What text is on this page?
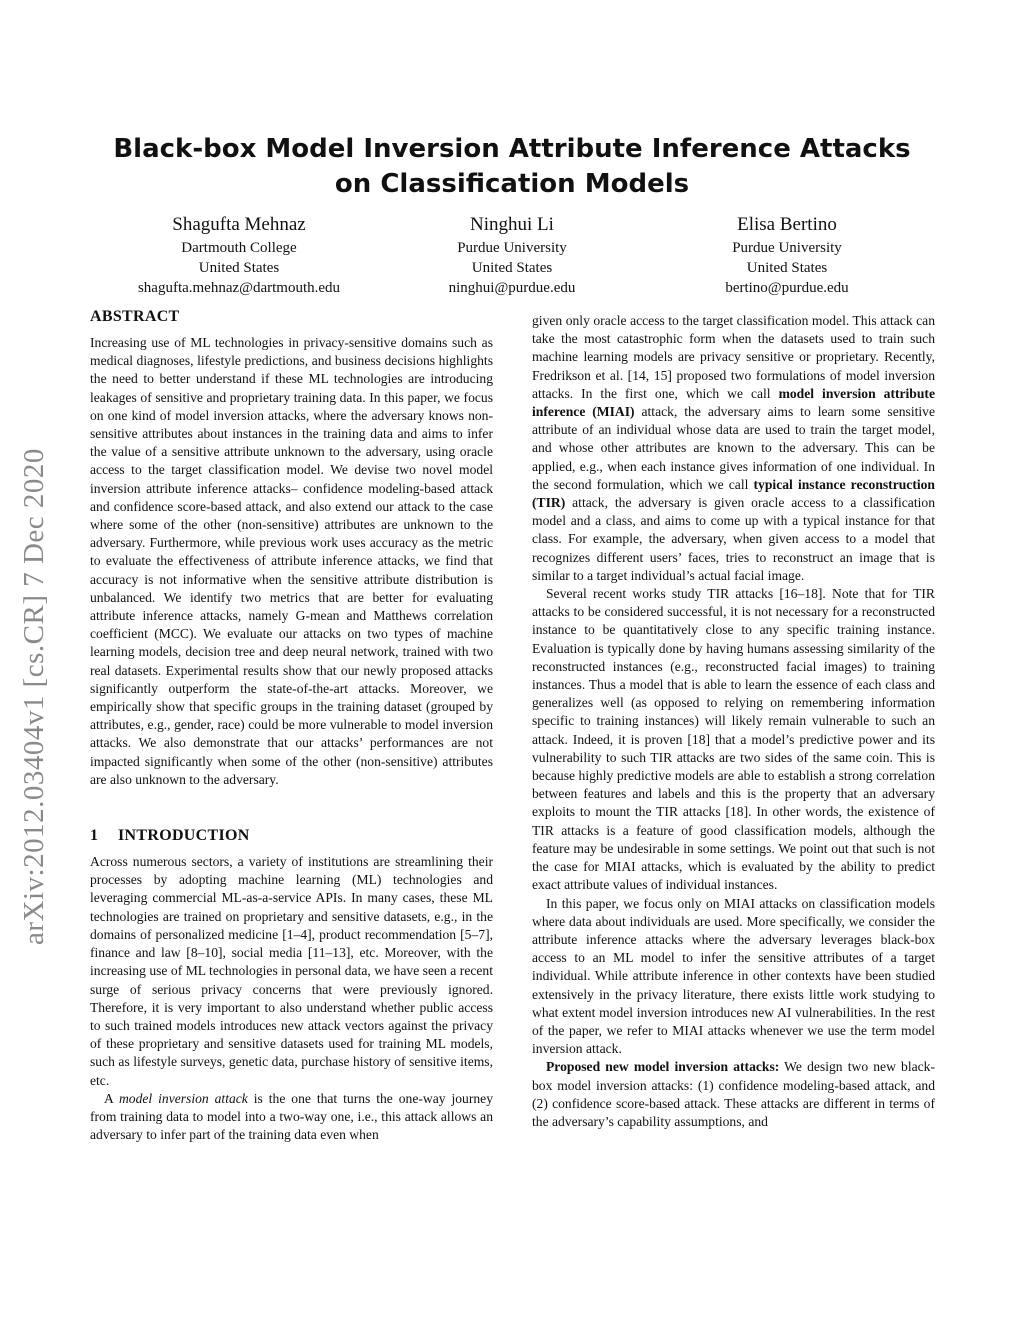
arXiv:2012.03404v1 [cs.CR] 7 Dec 2020
Black-box Model Inversion Attribute Inference Attacks on Classification Models
Shagufta Mehnaz
Dartmouth College
United States
shagufta.mehnaz@dartmouth.edu
Ninghui Li
Purdue University
United States
ninghui@purdue.edu
Elisa Bertino
Purdue University
United States
bertino@purdue.edu
ABSTRACT

Increasing use of ML technologies in privacy-sensitive domains such as medical diagnoses, lifestyle predictions, and business decisions highlights the need to better understand if these ML technologies are introducing leakages of sensitive and proprietary training data. In this paper, we focus on one kind of model inversion attacks, where the adversary knows non-sensitive attributes about instances in the training data and aims to infer the value of a sensitive attribute unknown to the adversary, using oracle access to the target classification model. We devise two novel model inversion attribute inference attacks– confidence modeling-based attack and confidence score-based attack, and also extend our attack to the case where some of the other (non-sensitive) attributes are unknown to the adversary. Furthermore, while previous work uses accuracy as the metric to evaluate the effectiveness of attribute inference attacks, we find that accuracy is not informative when the sensitive attribute distribution is unbalanced. We identify two metrics that are better for evaluating attribute inference attacks, namely G-mean and Matthews correlation coefficient (MCC). We evaluate our attacks on two types of machine learning models, decision tree and deep neural network, trained with two real datasets. Experimental results show that our newly proposed attacks significantly outperform the state-of-the-art attacks. Moreover, we empirically show that specific groups in the training dataset (grouped by attributes, e.g., gender, race) could be more vulnerable to model inversion attacks. We also demonstrate that our attacks’ performances are not impacted significantly when some of the other (non-sensitive) attributes are also unknown to the adversary.

1 INTRODUCTION

Across numerous sectors, a variety of institutions are streamlining their processes by adopting machine learning (ML) technologies and leveraging commercial ML-as-a-service APIs. In many cases, these ML technologies are trained on proprietary and sensitive datasets, e.g., in the domains of personalized medicine [1–4], product recommendation [5–7], finance and law [8–10], social media [11–13], etc. Moreover, with the increasing use of ML technologies in personal data, we have seen a recent surge of serious privacy concerns that were previously ignored. Therefore, it is very important to also understand whether public access to such trained models introduces new attack vectors against the privacy of these proprietary and sensitive datasets used for training ML models, such as lifestyle surveys, genetic data, purchase history of sensitive items, etc.

A model inversion attack is the one that turns the one-way journey from training data to model into a two-way one, i.e., this attack allows an adversary to infer part of the training data even when

given only oracle access to the target classification model. This attack can take the most catastrophic form when the datasets used to train such machine learning models are privacy sensitive or proprietary. Recently, Fredrikson et al. [14, 15] proposed two formulations of model inversion attacks. In the first one, which we call model inversion attribute inference (MIAI) attack, the adversary aims to learn some sensitive attribute of an individual whose data are used to train the target model, and whose other attributes are known to the adversary. This can be applied, e.g., when each instance gives information of one individual. In the second formulation, which we call typical instance reconstruction (TIR) attack, the adversary is given oracle access to a classification model and a class, and aims to come up with a typical instance for that class. For example, the adversary, when given access to a model that recognizes different users’ faces, tries to reconstruct an image that is similar to a target individual’s actual facial image.

Several recent works study TIR attacks [16–18]. Note that for TIR attacks to be considered successful, it is not necessary for a reconstructed instance to be quantitatively close to any specific training instance. Evaluation is typically done by having humans assessing similarity of the reconstructed instances (e.g., reconstructed facial images) to training instances. Thus a model that is able to learn the essence of each class and generalizes well (as opposed to relying on remembering information specific to training instances) will likely remain vulnerable to such an attack. Indeed, it is proven [18] that a model’s predictive power and its vulnerability to such TIR attacks are two sides of the same coin. This is because highly predictive models are able to establish a strong correlation between features and labels and this is the property that an adversary exploits to mount the TIR attacks [18]. In other words, the existence of TIR attacks is a feature of good classification models, although the feature may be undesirable in some settings. We point out that such is not the case for MIAI attacks, which is evaluated by the ability to predict exact attribute values of individual instances.

In this paper, we focus only on MIAI attacks on classification models where data about individuals are used. More specifically, we consider the attribute inference attacks where the adversary leverages black-box access to an ML model to infer the sensitive attributes of a target individual. While attribute inference in other contexts have been studied extensively in the privacy literature, there exists little work studying to what extent model inversion introduces new AI vulnerabilities. In the rest of the paper, we refer to MIAI attacks whenever we use the term model inversion attack.

Proposed new model inversion attacks: We design two new black-box model inversion attacks: (1) confidence modeling-based attack, and (2) confidence score-based attack. These attacks are different in terms of the adversary’s capability assumptions, and
